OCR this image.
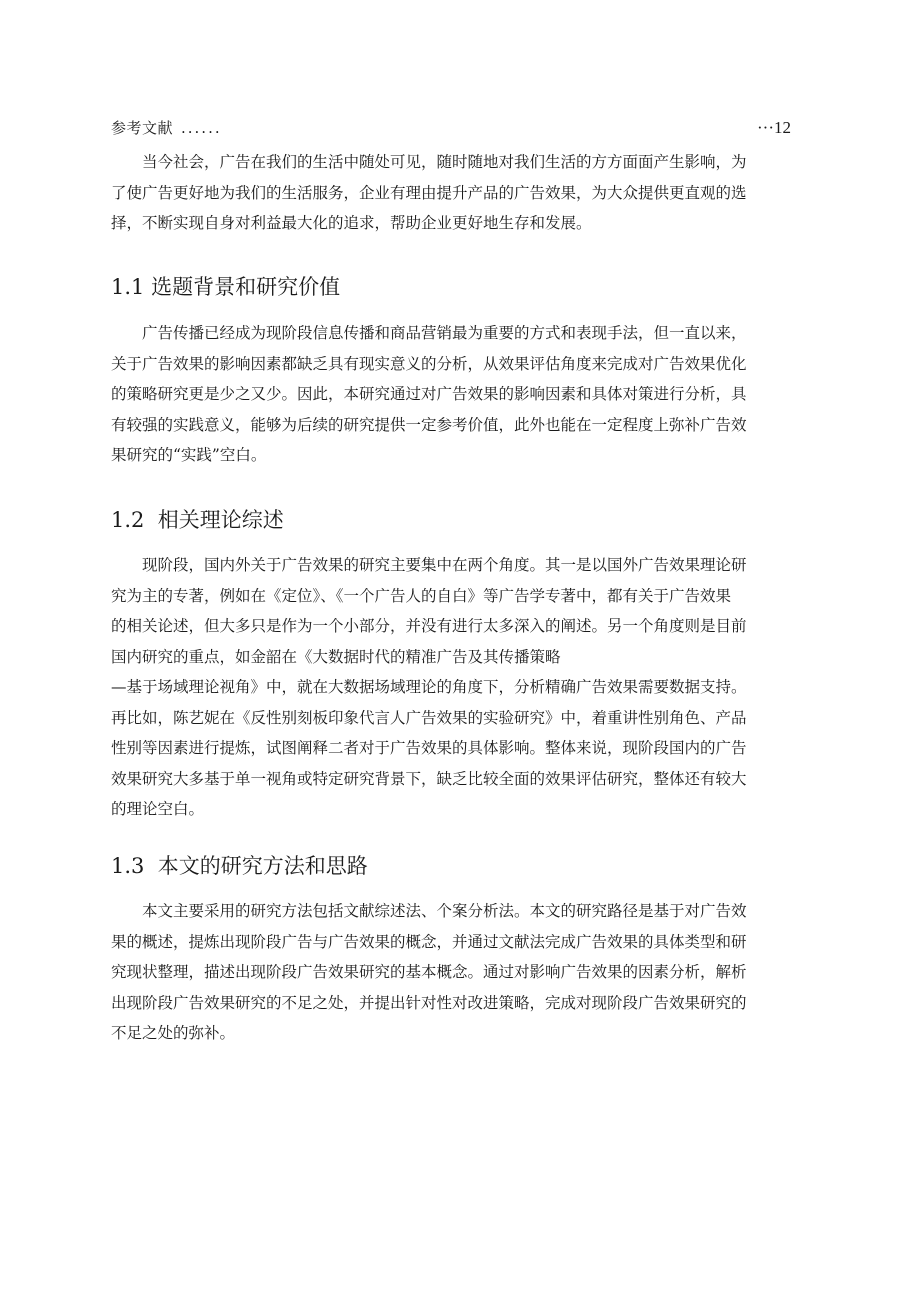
参考文献 ......	···12

当今社会，广告在我们的生活中随处可见，随时随地对我们生活的方方面面产生影响，为
了使广告更好地为我们的生活服务，企业有理由提升产品的广告效果，为大众提供更直观的选
择，不断实现自身对利益最大化的追求，帮助企业更好地生存和发展。

1.1 选题背景和研究价值

广告传播已经成为现阶段信息传播和商品营销最为重要的方式和表现手法，但一直以来，
关于广告效果的影响因素都缺乏具有现实意义的分析，从效果评估角度来完成对广告效果优化
的策略研究更是少之又少。因此，本研究通过对广告效果的影响因素和具体对策进行分析，具
有较强的实践意义，能够为后续的研究提供一定参考价值，此外也能在一定程度上弥补广告效
果研究的“实践”空白。

1.2  相关理论综述

现阶段，国内外关于广告效果的研究主要集中在两个角度。其一是以国外广告效果理论研
究为主的专著，例如在《定位》、《一个广告人的自白》等广告学专著中，都有关于广告效果
的相关论述，但大多只是作为一个小部分，并没有进行太多深入的阐述。另一个角度则是目前
国内研究的重点，如金韶在《大数据时代的精准广告及其传播策略
—基于场域理论视角》中，就在大数据场域理论的角度下，分析精确广告效果需要数据支持。
再比如，陈艺妮在《反性别刻板印象代言人广告效果的实验研究》中，着重讲性别角色、产品
性别等因素进行提炼，试图阐释二者对于广告效果的具体影响。整体来说，现阶段国内的广告
效果研究大多基于单一视角或特定研究背景下，缺乏比较全面的效果评估研究，整体还有较大
的理论空白。

1.3  本文的研究方法和思路

本文主要采用的研究方法包括文献综述法、个案分析法。本文的研究路径是基于对广告效
果的概述，提炼出现阶段广告与广告效果的概念，并通过文献法完成广告效果的具体类型和研
究现状整理，描述出现阶段广告效果研究的基本概念。通过对影响广告效果的因素分析，解析
出现阶段广告效果研究的不足之处，并提出针对性对改进策略，完成对现阶段广告效果研究的
不足之处的弥补。
